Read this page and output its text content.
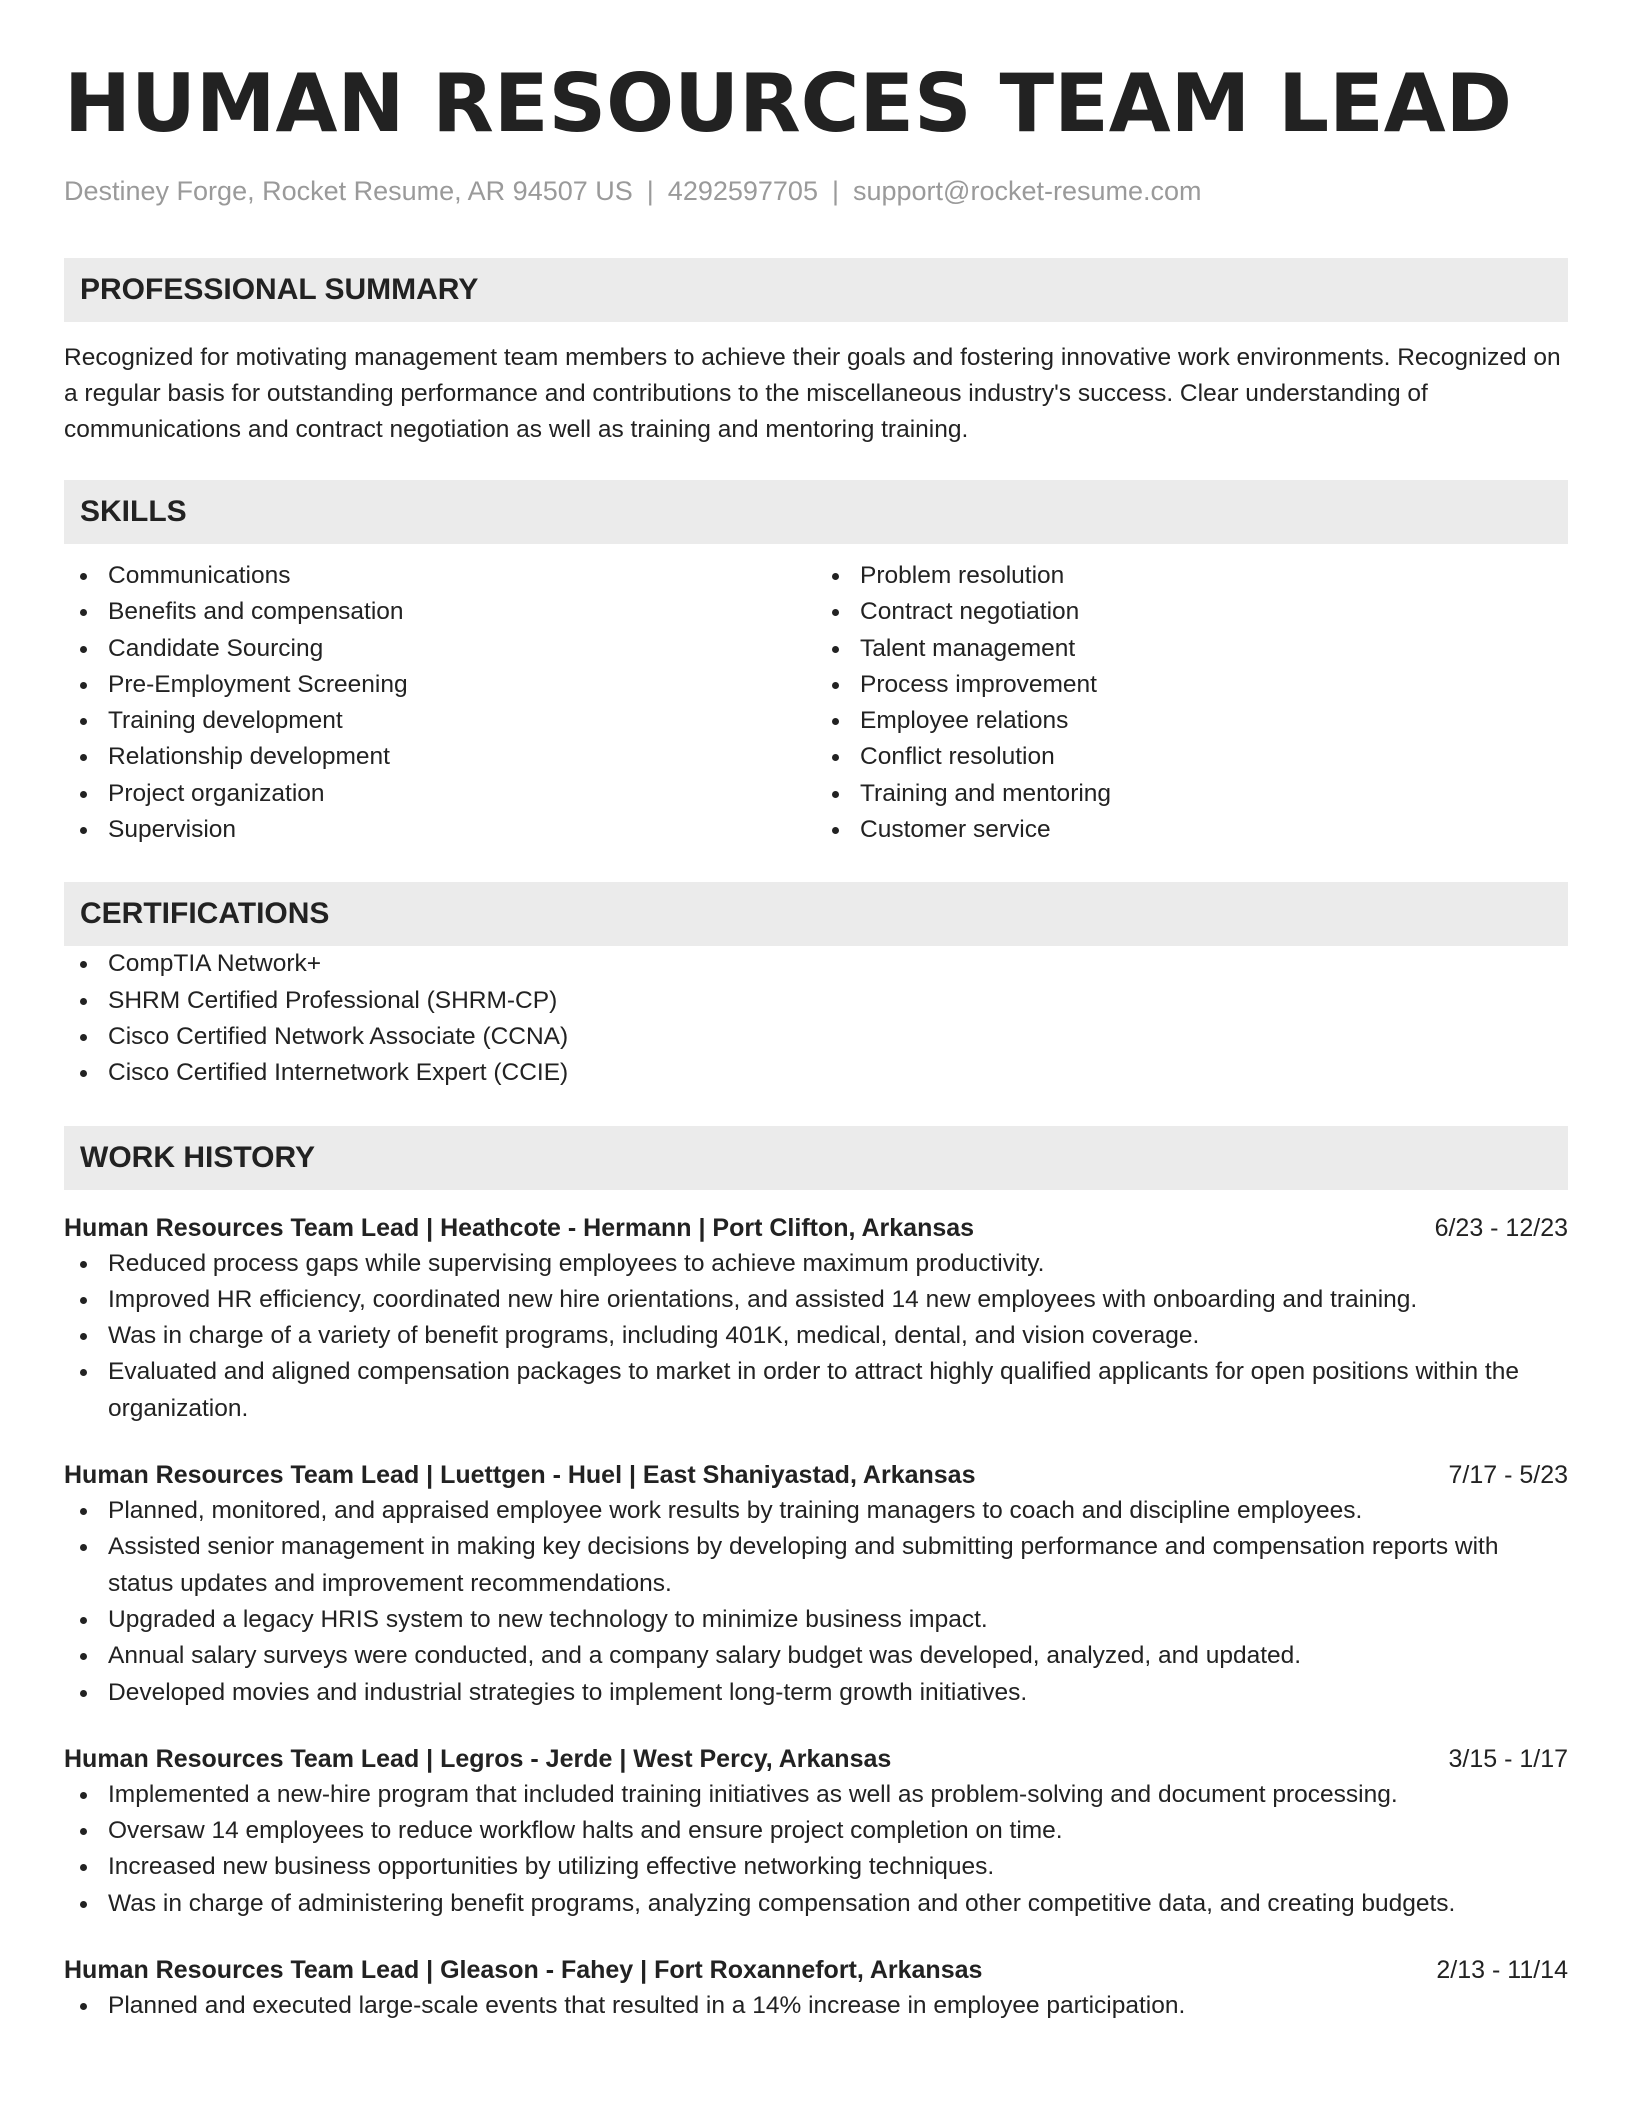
HUMAN RESOURCES TEAM LEAD
Destiney Forge, Rocket Resume, AR 94507 US | 4292597705 | support@rocket-resume.com
PROFESSIONAL SUMMARY
Recognized for motivating management team members to achieve their goals and fostering innovative work environments. Recognized on a regular basis for outstanding performance and contributions to the miscellaneous industry's success. Clear understanding of communications and contract negotiation as well as training and mentoring training.
SKILLS
Communications
Benefits and compensation
Candidate Sourcing
Pre-Employment Screening
Training development
Relationship development
Project organization
Supervision
Problem resolution
Contract negotiation
Talent management
Process improvement
Employee relations
Conflict resolution
Training and mentoring
Customer service
CERTIFICATIONS
CompTIA Network+
SHRM Certified Professional (SHRM-CP)
Cisco Certified Network Associate (CCNA)
Cisco Certified Internetwork Expert (CCIE)
WORK HISTORY
Human Resources Team Lead | Heathcote - Hermann | Port Clifton, Arkansas	6/23 - 12/23
Reduced process gaps while supervising employees to achieve maximum productivity.
Improved HR efficiency, coordinated new hire orientations, and assisted 14 new employees with onboarding and training.
Was in charge of a variety of benefit programs, including 401K, medical, dental, and vision coverage.
Evaluated and aligned compensation packages to market in order to attract highly qualified applicants for open positions within the organization.
Human Resources Team Lead | Luettgen - Huel | East Shaniyastad, Arkansas	7/17 - 5/23
Planned, monitored, and appraised employee work results by training managers to coach and discipline employees.
Assisted senior management in making key decisions by developing and submitting performance and compensation reports with status updates and improvement recommendations.
Upgraded a legacy HRIS system to new technology to minimize business impact.
Annual salary surveys were conducted, and a company salary budget was developed, analyzed, and updated.
Developed movies and industrial strategies to implement long-term growth initiatives.
Human Resources Team Lead | Legros - Jerde | West Percy, Arkansas	3/15 - 1/17
Implemented a new-hire program that included training initiatives as well as problem-solving and document processing.
Oversaw 14 employees to reduce workflow halts and ensure project completion on time.
Increased new business opportunities by utilizing effective networking techniques.
Was in charge of administering benefit programs, analyzing compensation and other competitive data, and creating budgets.
Human Resources Team Lead | Gleason - Fahey | Fort Roxannefort, Arkansas	2/13 - 11/14
Planned and executed large-scale events that resulted in a 14% increase in employee participation.
